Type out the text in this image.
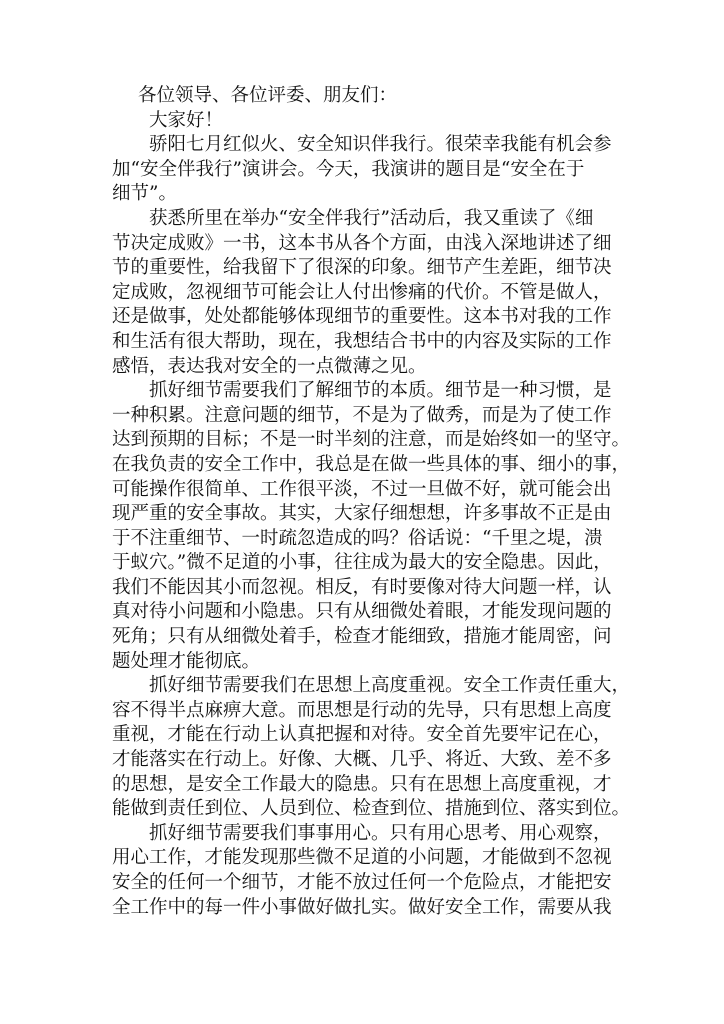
各位领导、各位评委、朋友们：
大家好！
骄阳七月红似火、安全知识伴我行。很荣幸我能有机会参
加“安全伴我行”演讲会。今天，我演讲的题目是“安全在于
细节”。
获悉所里在举办“安全伴我行”活动后，我又重读了《细
节决定成败》一书，这本书从各个方面，由浅入深地讲述了细
节的重要性，给我留下了很深的印象。细节产生差距，细节决
定成败，忽视细节可能会让人付出惨痛的代价。不管是做人，
还是做事，处处都能够体现细节的重要性。这本书对我的工作
和生活有很大帮助，现在，我想结合书中的内容及实际的工作
感悟，表达我对安全的一点微薄之见。
抓好细节需要我们了解细节的本质。细节是一种习惯，是
一种积累。注意问题的细节，不是为了做秀，而是为了使工作
达到预期的目标；不是一时半刻的注意，而是始终如一的坚守。
在我负责的安全工作中，我总是在做一些具体的事、细小的事，
可能操作很简单、工作很平淡，不过一旦做不好，就可能会出
现严重的安全事故。其实，大家仔细想想，许多事故不正是由
于不注重细节、一时疏忽造成的吗？俗话说：“千里之堤，溃
于蚁穴。”微不足道的小事，往往成为最大的安全隐患。因此，
我们不能因其小而忽视。相反，有时要像对待大问题一样，认
真对待小问题和小隐患。只有从细微处着眼，才能发现问题的
死角；只有从细微处着手，检查才能细致，措施才能周密，问
题处理才能彻底。
抓好细节需要我们在思想上高度重视。安全工作责任重大，
容不得半点麻痹大意。而思想是行动的先导，只有思想上高度
重视，才能在行动上认真把握和对待。安全首先要牢记在心，
才能落实在行动上。好像、大概、几乎、将近、大致、差不多
的思想，是安全工作最大的隐患。只有在思想上高度重视，才
能做到责任到位、人员到位、检查到位、措施到位、落实到位。
抓好细节需要我们事事用心。只有用心思考、用心观察，
用心工作，才能发现那些微不足道的小问题，才能做到不忽视
安全的任何一个细节，才能不放过任何一个危险点，才能把安
全工作中的每一件小事做好做扎实。做好安全工作，需要从我
